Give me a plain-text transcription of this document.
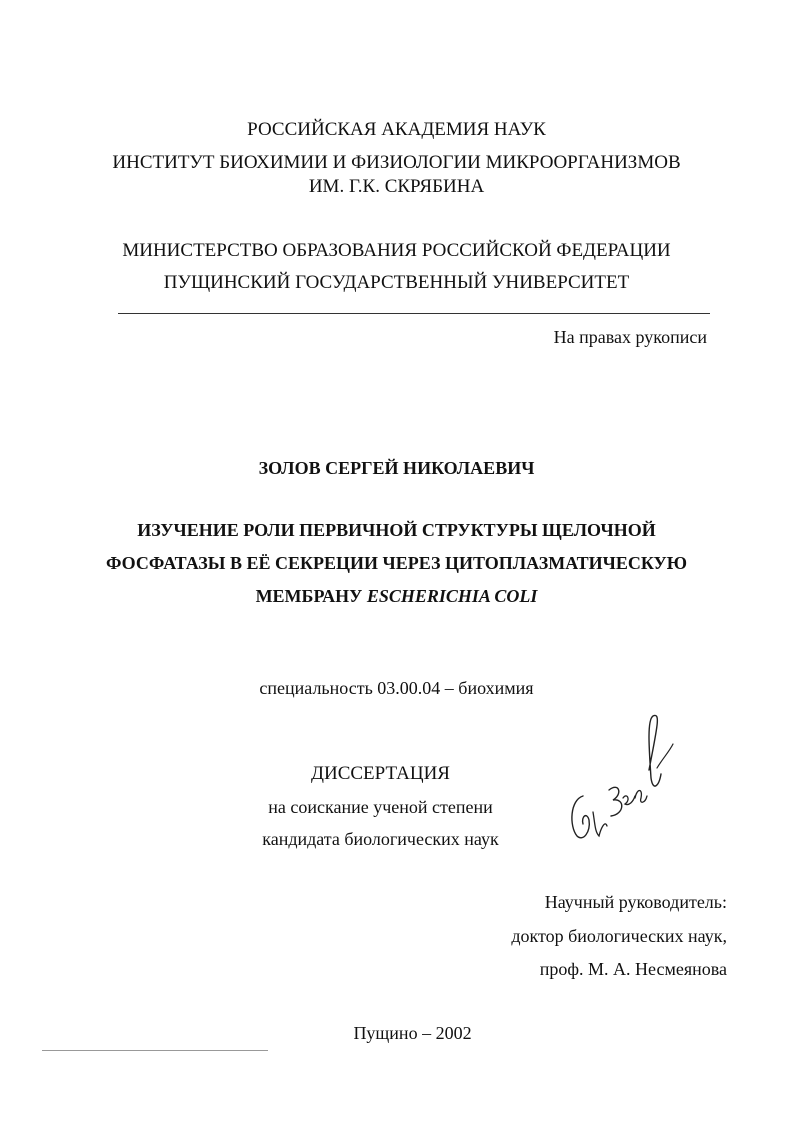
РОССИЙСКАЯ АКАДЕМИЯ НАУК
ИНСТИТУТ БИОХИМИИ И ФИЗИОЛОГИИ МИКРООРГАНИЗМОВ
ИМ. Г.К. СКРЯБИНА
МИНИСТЕРСТВО ОБРАЗОВАНИЯ РОССИЙСКОЙ ФЕДЕРАЦИИ
ПУЩИНСКИЙ ГОСУДАРСТВЕННЫЙ УНИВЕРСИТЕТ
На правах рукописи
ЗОЛОВ СЕРГЕЙ НИКОЛАЕВИЧ
ИЗУЧЕНИЕ РОЛИ ПЕРВИЧНОЙ СТРУКТУРЫ ЩЕЛОЧНОЙ
ФОСФАТАЗЫ В ЕЁ СЕКРЕЦИИ ЧЕРЕЗ ЦИТОПЛАЗМАТИЧЕСКУЮ
МЕМБРАНУ ESCHERICHIA COLI
специальность 03.00.04 – биохимия
ДИССЕРТАЦИЯ
на соискание ученой степени
кандидата биологических наук
Научный руководитель:
доктор биологических наук,
проф. М. А. Несмеянова
Пущино – 2002
